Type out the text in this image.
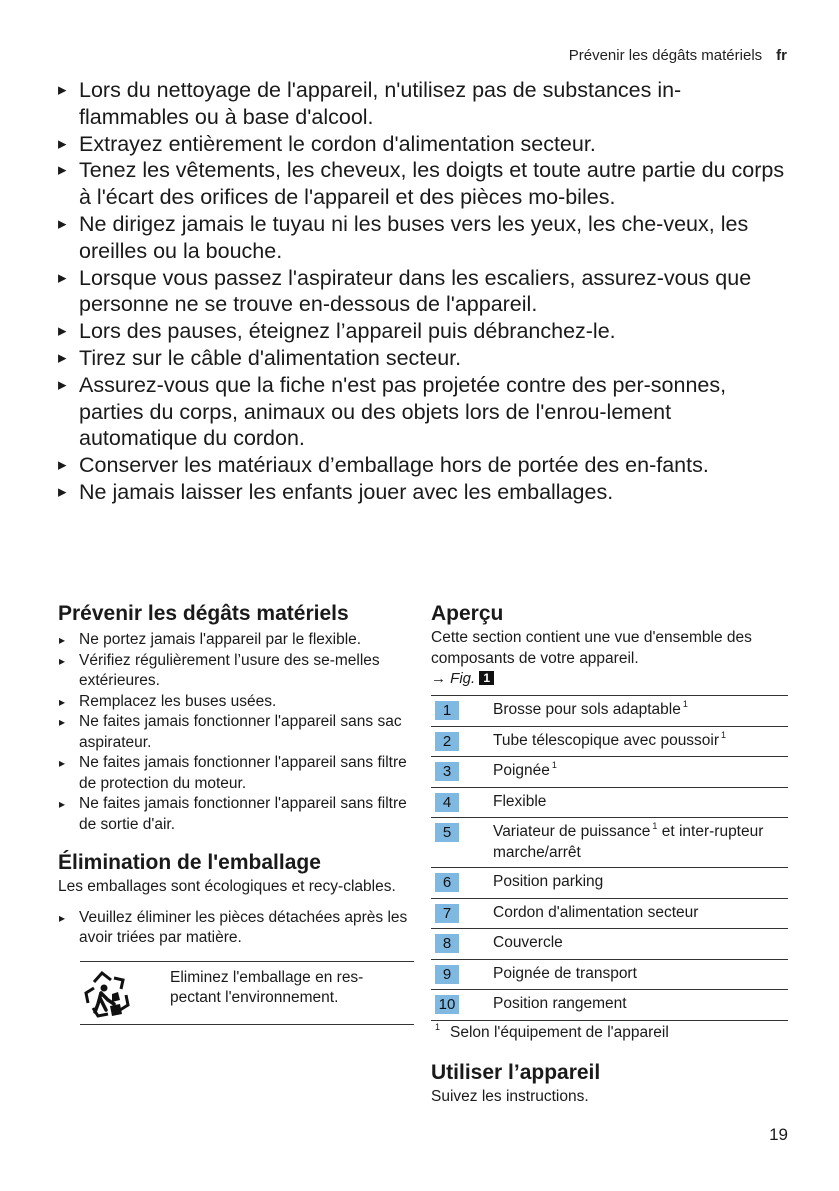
Prévenir les dégâts matériels fr
▸ Lors du nettoyage de l'appareil, n'utilisez pas de substances in-flammables ou à base d'alcool.
▸ Extrayez entièrement le cordon d'alimentation secteur.
▸ Tenez les vêtements, les cheveux, les doigts et toute autre partie du corps à l'écart des orifices de l'appareil et des pièces mo-biles.
▸ Ne dirigez jamais le tuyau ni les buses vers les yeux, les che-veux, les oreilles ou la bouche.
▸ Lorsque vous passez l'aspirateur dans les escaliers, assurez-vous que personne ne se trouve en-dessous de l'appareil.
▸ Lors des pauses, éteignez l’appareil puis débranchez-le.
▸ Tirez sur le câble d'alimentation secteur.
▸ Assurez-vous que la fiche n'est pas projetée contre des per-sonnes, parties du corps, animaux ou des objets lors de l'enrou-lement automatique du cordon.
▸ Conserver les matériaux d’emballage hors de portée des en-fants.
▸ Ne jamais laisser les enfants jouer avec les emballages.
Prévenir les dégâts matériels
▸ Ne portez jamais l'appareil par le flexible.
▸ Vérifiez régulièrement l’usure des se-melles extérieures.
▸ Remplacez les buses usées.
▸ Ne faites jamais fonctionner l'appareil sans sac aspirateur.
▸ Ne faites jamais fonctionner l'appareil sans filtre de protection du moteur.
▸ Ne faites jamais fonctionner l'appareil sans filtre de sortie d'air.
Élimination de l'emballage

Les emballages sont écologiques et recy-clables.

▸ Veuillez éliminer les pièces détachées après les avoir triées par matière.
Eliminez l'emballage en res-pectant l'environnement.
Aperçu

Cette section contient une vue d'ensemble des composants de votre appareil.

→ Fig. 1
1	Brosse pour sols adaptable $^1$
2	Tube télescopique avec poussoir $^1$
3	Poignée $^1$
4	Flexible
5	Variateur de puissance $^1$ et inter-rupteur marche/arrêt
6	Position parking
7	Cordon d'alimentation secteur
8	Couvercle
9	Poignée de transport
10	Position rangement
$^1$ Selon l'équipement de l'appareil
Utiliser l’appareil

Suivez les instructions.

19
